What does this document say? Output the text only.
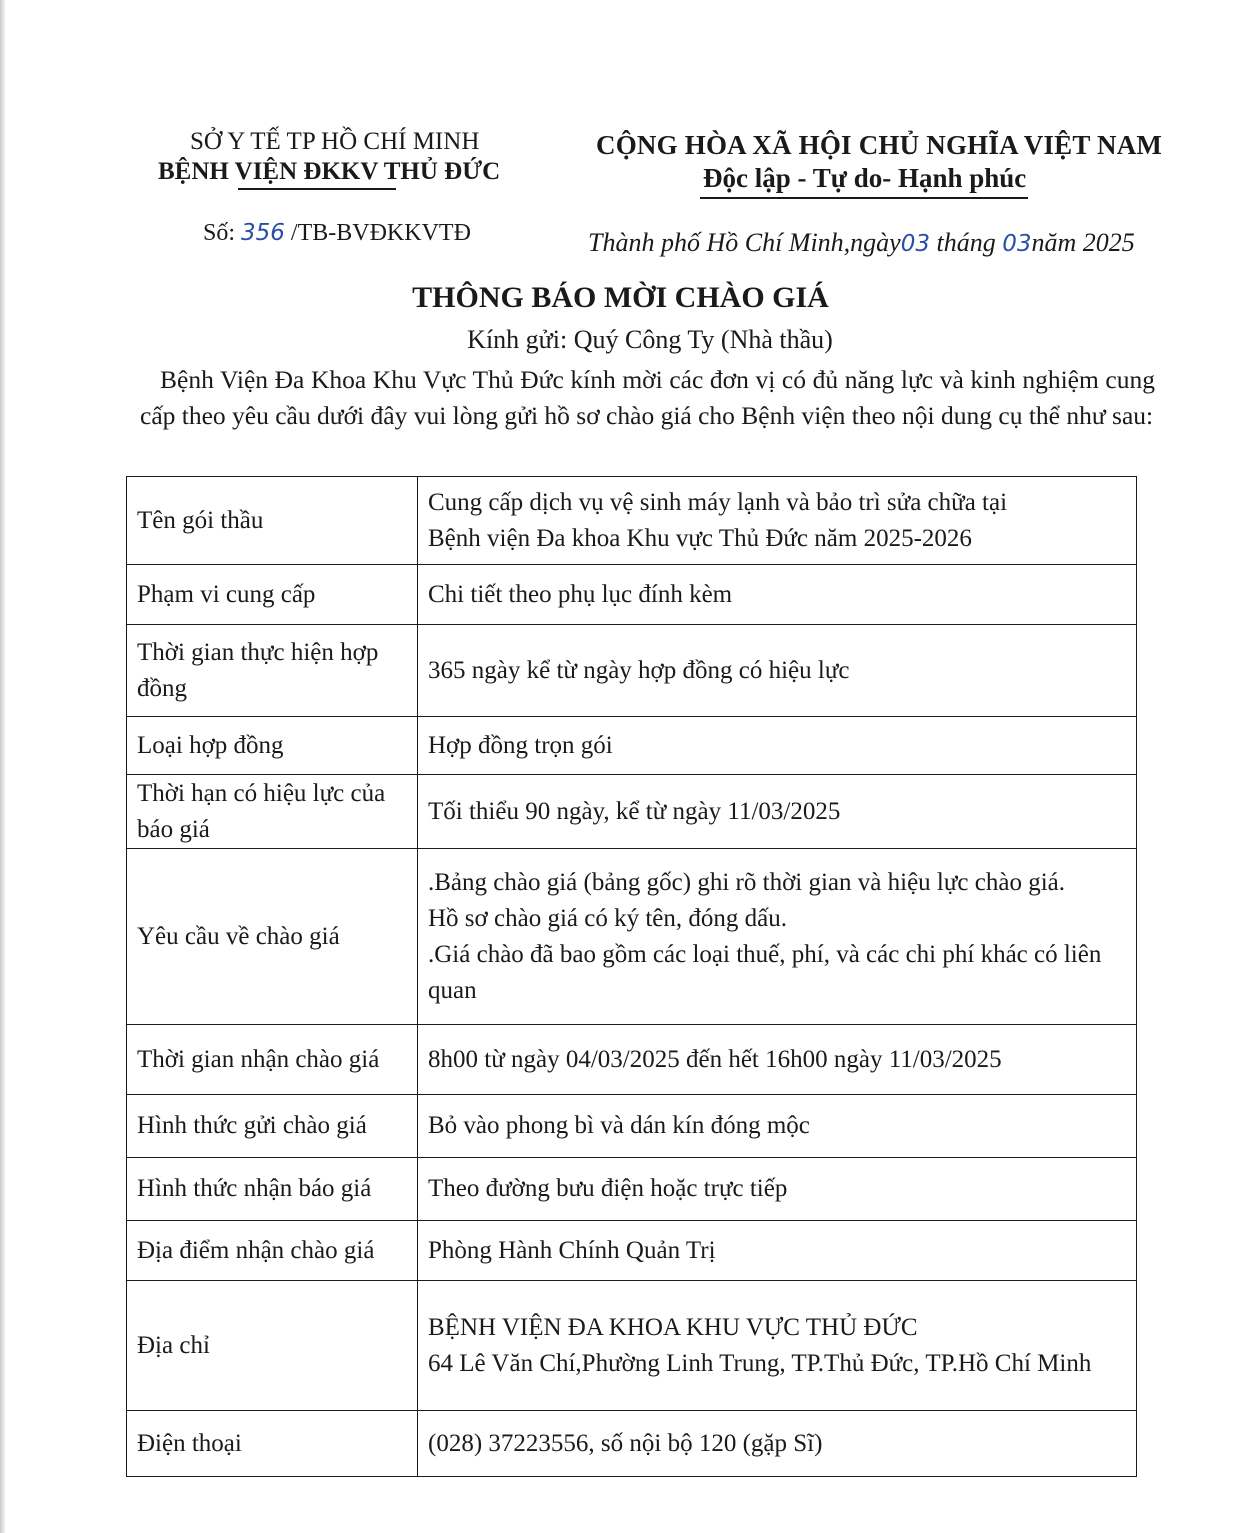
SỞ Y TẾ TP HỒ CHÍ MINH
BỆNH VIỆN ĐKKV THỦ ĐỨC
CỘNG HÒA XÃ HỘI CHỦ NGHĨA VIỆT NAM
Độc lập - Tự do- Hạnh phúc
Số: 356 /TB-BVĐKKVTĐ	Thành phố Hồ Chí Minh,ngày03 tháng 03năm 2025
THÔNG BÁO MỜI CHÀO GIÁ
Kính gửi: Quý Công Ty (Nhà thầu)
Bệnh Viện Đa Khoa Khu Vực Thủ Đức kính mời các đơn vị có đủ năng lực và kinh nghiệm cung cấp theo yêu cầu dưới đây vui lòng gửi hồ sơ chào giá cho Bệnh viện theo nội dung cụ thể như sau:
Tên gói thầu	Cung cấp dịch vụ vệ sinh máy lạnh và bảo trì sửa chữa tại
Bệnh viện Đa khoa Khu vực Thủ Đức năm 2025-2026

Phạm vi cung cấp	Chi tiết theo phụ lục đính kèm

Thời gian thực hiện hợp đồng	365 ngày kể từ ngày hợp đồng có hiệu lực

Loại hợp đồng	Hợp đồng trọn gói

Thời hạn có hiệu lực của báo giá	Tối thiểu 90 ngày, kể từ ngày 11/03/2025

Yêu cầu về chào giá	.Bảng chào giá (bảng gốc) ghi rõ thời gian và hiệu lực chào giá.
Hồ sơ chào giá có ký tên, đóng dấu.
.Giá chào đã bao gồm các loại thuế, phí, và các chi phí khác có liên quan

Thời gian nhận chào giá	8h00 từ ngày 04/03/2025 đến hết 16h00 ngày 11/03/2025

Hình thức gửi chào giá	Bỏ vào phong bì và dán kín đóng mộc

Hình thức nhận báo giá	Theo đường bưu điện hoặc trực tiếp

Địa điểm nhận chào giá	Phòng Hành Chính Quản Trị

Địa chỉ	BỆNH VIỆN ĐA KHOA KHU VỰC THỦ ĐỨC
64 Lê Văn Chí,Phường Linh Trung, TP.Thủ Đức, TP.Hồ Chí Minh

Điện thoại	(028) 37223556, số nội bộ 120 (gặp Sĩ)
